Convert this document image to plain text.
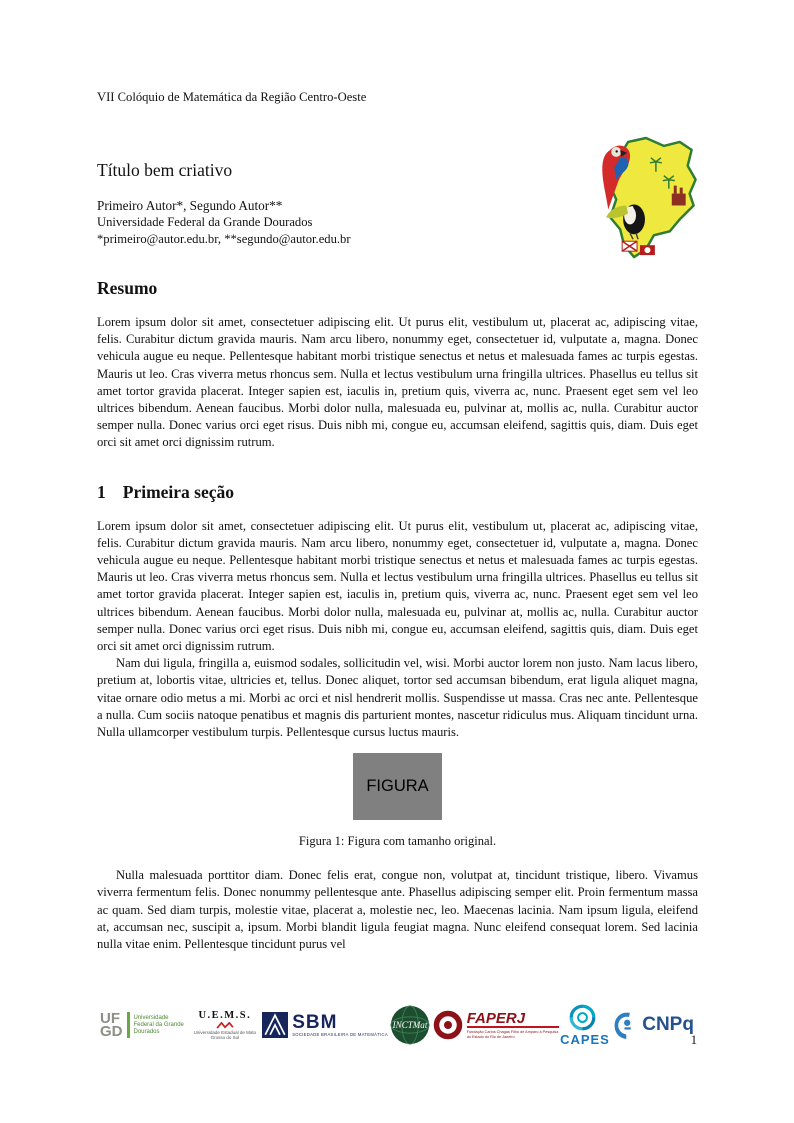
VII Colóquio de Matemática da Região Centro-Oeste
Título bem criativo
Primeiro Autor*, Segundo Autor**
Universidade Federal da Grande Dourados
*primeiro@autor.edu.br, **segundo@autor.edu.br
Resumo

Lorem ipsum dolor sit amet, consectetuer adipiscing elit. Ut purus elit, vestibulum ut, placerat ac, adipiscing vitae, felis. Curabitur dictum gravida mauris. Nam arcu libero, nonummy eget, consectetuer id, vulputate a, magna. Donec vehicula augue eu neque. Pellentesque habitant morbi tristique senectus et netus et malesuada fames ac turpis egestas. Mauris ut leo. Cras viverra metus rhoncus sem. Nulla et lectus vestibulum urna fringilla ultrices. Phasellus eu tellus sit amet tortor gravida placerat. Integer sapien est, iaculis in, pretium quis, viverra ac, nunc. Praesent eget sem vel leo ultrices bibendum. Aenean faucibus. Morbi dolor nulla, malesuada eu, pulvinar at, mollis ac, nulla. Curabitur auctor semper nulla. Donec varius orci eget risus. Duis nibh mi, congue eu, accumsan eleifend, sagittis quis, diam. Duis eget orci sit amet orci dignissim rutrum.

1 Primeira seção

Lorem ipsum dolor sit amet, consectetuer adipiscing elit. Ut purus elit, vestibulum ut, placerat ac, adipiscing vitae, felis. Curabitur dictum gravida mauris. Nam arcu libero, nonummy eget, consectetuer id, vulputate a, magna. Donec vehicula augue eu neque. Pellentesque habitant morbi tristique senectus et netus et malesuada fames ac turpis egestas. Mauris ut leo. Cras viverra metus rhoncus sem. Nulla et lectus vestibulum urna fringilla ultrices. Phasellus eu tellus sit amet tortor gravida placerat. Integer sapien est, iaculis in, pretium quis, viverra ac, nunc. Praesent eget sem vel leo ultrices bibendum. Aenean faucibus. Morbi dolor nulla, malesuada eu, pulvinar at, mollis ac, nulla. Curabitur auctor semper nulla. Donec varius orci eget risus. Duis nibh mi, congue eu, accumsan eleifend, sagittis quis, diam. Duis eget orci sit amet orci dignissim rutrum.

Nam dui ligula, fringilla a, euismod sodales, sollicitudin vel, wisi. Morbi auctor lorem non justo. Nam lacus libero, pretium at, lobortis vitae, ultricies et, tellus. Donec aliquet, tortor sed accumsan bibendum, erat ligula aliquet magna, vitae ornare odio metus a mi. Morbi ac orci et nisl hendrerit mollis. Suspendisse ut massa. Cras nec ante. Pellentesque a nulla. Cum sociis natoque penatibus et magnis dis parturient montes, nascetur ridiculus mus. Aliquam tincidunt urna. Nulla ullamcorper vestibulum turpis. Pellentesque cursus luctus mauris.

FIGURA
Figura 1: Figura com tamanho original.

Nulla malesuada porttitor diam. Donec felis erat, congue non, volutpat at, tincidunt tristique, libero. Vivamus viverra fermentum felis. Donec nonummy pellentesque ante. Phasellus adipiscing semper elit. Proin fermentum massa ac quam. Sed diam turpis, molestie vitae, placerat a, molestie nec, leo. Maecenas lacinia. Nam ipsum ligula, eleifend at, accumsan nec, suscipit a, ipsum. Morbi blandit ligula feugiat magna. Nunc eleifend consequat lorem. Sed lacinia nulla vitae enim. Pellentesque tincidunt purus vel

UF
GD
Universidade Federal da Grande Dourados
U.E.M.S.
Universidade Estadual de Mato Grosso do Sul
SBM
SOCIEDADE BRASILEIRA DE MATEMÁTICA
INCTMat	FAPERJ
Fundação Carlos Chagas Filho de Amparo à Pesquisa do Estado do Rio de Janeiro	CAPES
CNPq
1
